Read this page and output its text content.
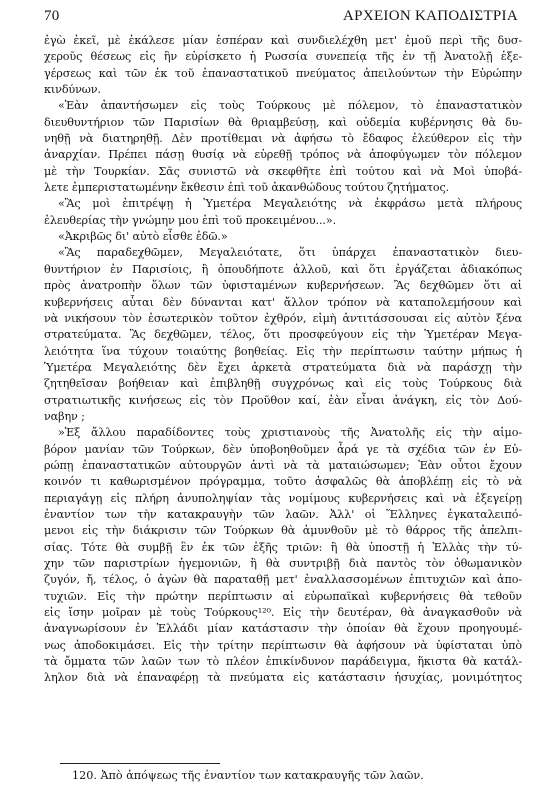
70	ΑΡΧΕΙΟΝ ΚΑΠΟΔΙΣΤΡΙΑ
ἐγὼ ἐκεῖ, μὲ ἐκάλεσε μίαν ἑσπέραν καὶ συνδιελέχθη μετ' ἐμοῦ περὶ τῆς δυσ-
χεροῦς θέσεως εἰς ἣν εὑρίσκετο ἡ Ρωσσία συνεπείᾳ τῆς ἐν τῇ Ἀνατολῇ ἐξε-
γέρσεως καὶ τῶν ἐκ τοῦ ἐπαναστατικοῦ πνεύματος ἀπειλούντων τὴν Εὐρώπην
κινδύνων.
«Ἐὰν ἀπαντήσωμεν εἰς τοὺς Τούρκους μὲ πόλεμον, τὸ ἐπαναστατικὸν
διευθυντήριον τῶν Παρισίων θὰ θριαμβεύσῃ, καὶ οὐδεμία κυβέρνησις θὰ δυ-
νηθῇ νὰ διατηρηθῇ. Δὲν προτίθεμαι νὰ ἀφήσω τὸ ἔδαφος ἐλεύθερον εἰς τὴν
ἀναρχίαν. Πρέπει πάσῃ θυσίᾳ νὰ εὑρεθῇ τρόπος νὰ ἀποφύγωμεν τὸν πόλεμον
μὲ τὴν Τουρκίαν. Σᾶς συνιστῶ νὰ σκεφθῆτε ἐπὶ τούτου καὶ νὰ Μοὶ ὑποβά-
λετε ἐμπεριστατωμένην ἔκθεσιν ἐπὶ τοῦ ἀκανθώδους τούτου ζητήματος.
«Ἂς μοὶ ἐπιτρέψῃ ἡ Ὑμετέρα Μεγαλειότης νὰ ἐκφράσω μετὰ πλήρους
ἐλευθερίας τὴν γνώμην μου ἐπὶ τοῦ προκειμένου...».
«Ἀκριβῶς δι' αὐτὸ εἶσθε ἐδῶ.»
«Ἂς παραδεχθῶμεν, Μεγαλειότατε, ὅτι ὑπάρχει ἐπαναστατικὸν διευ-
θυντήριον ἐν Παρισίοις, ἢ ὁπουδήποτε ἀλλοῦ, καὶ ὅτι ἐργάζεται ἀδιακόπως
πρὸς ἀνατροπὴν ὅλων τῶν ὑφισταμένων κυβερνήσεων. Ἂς δεχθῶμεν ὅτι αἱ
κυβερνήσεις αὗται δὲν δύνανται κατ' ἄλλον τρόπον νὰ καταπολεμήσουν καὶ
νὰ νικήσουν τὸν ἐσωτερικὸν τοῦτον ἐχθρόν, εἰμὴ ἀντιτάσσουσαι εἰς αὐτὸν ξένα
στρατεύματα. Ἂς δεχθῶμεν, τέλος, ὅτι προσφεύγουν εἰς τὴν Ὑμετέραν Μεγα-
λειότητα ἵνα τύχουν τοιαύτης βοηθείας. Εἰς τὴν περίπτωσιν ταύτην μήπως ἡ
Ὑμετέρα Μεγαλειότης δὲν ἔχει ἀρκετὰ στρατεύματα διὰ νὰ παράσχῃ τὴν
ζητηθεῖσαν βοήθειαν καὶ ἐπιβληθῇ συγχρόνως καὶ εἰς τοὺς Τούρκους διὰ
στρατιωτικῆς κινήσεως εἰς τὸν Προῦθον καί, ἐὰν εἶναι ἀνάγκη, εἰς τὸν Δού-
ναβην ;
»Ἐξ ἄλλου παραδίδοντες τοὺς χριστιανοὺς τῆς Ἀνατολῆς εἰς τὴν αἱμο-
βόρον μανίαν τῶν Τούρκων, δὲν ὑποβοηθοῦμεν ἆρά γε τὰ σχέδια τῶν ἐν Εὐ-
ρώπῃ ἐπαναστατικῶν αὐτουργῶν ἀντὶ νὰ τὰ ματαιώσωμεν; Ἐὰν οὗτοι ἔχουν
κοινόν τι καθωρισμένον πρόγραμμα, τοῦτο ἀσφαλῶς θὰ ἀποβλέπῃ εἰς τὸ νὰ
περιαγάγῃ εἰς πλήρη ἀνυποληψίαν τὰς νομίμους κυβερνήσεις καὶ νὰ ἐξεγείρῃ
ἐναντίον των τὴν κατακραυγὴν τῶν λαῶν. Ἀλλ' οἱ Ἕλληνες ἐγκαταλειπό-
μενοι εἰς τὴν διάκρισιν τῶν Τούρκων θὰ ἀμυνθοῦν μὲ τὸ θάρρος τῆς ἀπελπι-
σίας. Τότε θὰ συμβῇ ἓν ἐκ τῶν ἑξῆς τριῶν: ἢ θὰ ὑποστῇ ἡ Ἑλλὰς τὴν τύ-
χην τῶν παριστρίων ἡγεμονιῶν, ἢ θὰ συντριβῇ διὰ παντὸς τὸν ὀθωμανικὸν
ζυγόν, ἤ, τέλος, ὁ ἀγὼν θὰ παραταθῇ μετ' ἐναλλασσομένων ἐπιτυχιῶν καὶ ἀπο-
τυχιῶν. Εἰς τὴν πρώτην περίπτωσιν αἱ εὐρωπαϊκαὶ κυβερνήσεις θὰ τεθοῦν
εἰς ἴσην μοῖραν μὲ τοὺς Τούρκους¹²⁰. Εἰς τὴν δευτέραν, θὰ ἀναγκασθοῦν νὰ
ἀναγνωρίσουν ἐν Ἑλλάδι μίαν κατάστασιν τὴν ὁποίαν θὰ ἔχουν προηγουμέ-
νως ἀποδοκιμάσει. Εἰς τὴν τρίτην περίπτωσιν θὰ ἀφήσουν νὰ ὑφίσταται ὑπὸ
τὰ ὄμματα τῶν λαῶν των τὸ πλέον ἐπικίνδυνον παράδειγμα, ἥκιστα θὰ κατάλ-
ληλον διὰ νὰ ἐπαναφέρῃ τὰ πνεύματα εἰς κατάστασιν ἡσυχίας, μονιμότητος
120. Ἀπὸ ἀπόψεως τῆς ἐναντίον των κατακραυγῆς τῶν λαῶν.
